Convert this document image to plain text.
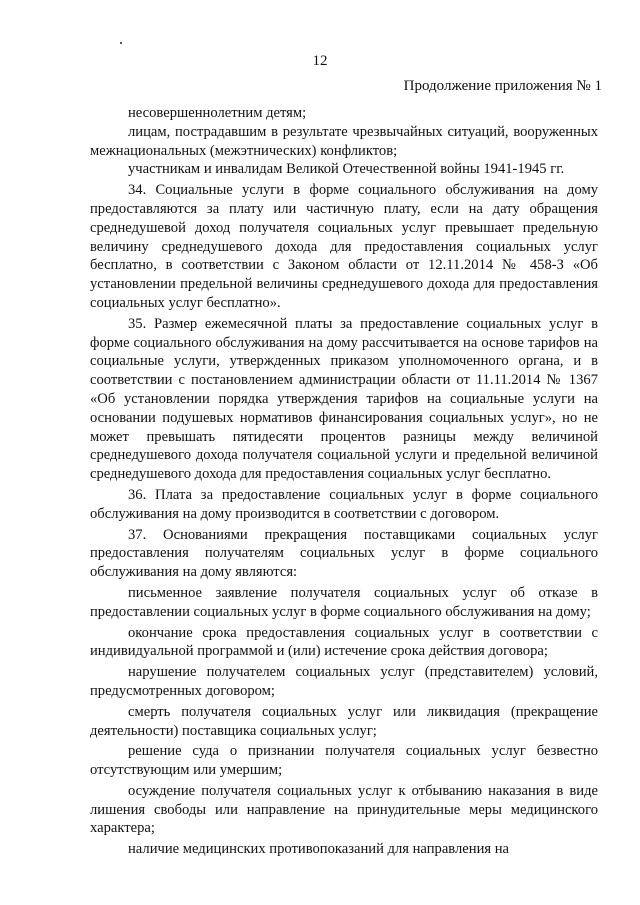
12
Продолжение приложения № 1

несовершеннолетним детям;

лицам, пострадавшим в результате чрезвычайных ситуаций, вооруженных межнациональных (межэтнических) конфликтов;

участникам и инвалидам Великой Отечественной войны 1941-1945 гг.

34. Социальные услуги в форме социального обслуживания на дому предоставляются за плату или частичную плату, если на дату обращения среднедушевой доход получателя социальных услуг превышает предельную величину среднедушевого дохода для предоставления социальных услуг бесплатно, в соответствии с Законом области от 12.11.2014 № 458-З «Об установлении предельной величины среднедушевого дохода для предоставления социальных услуг бесплатно».

35. Размер ежемесячной платы за предоставление социальных услуг в форме социального обслуживания на дому рассчитывается на основе тарифов на социальные услуги, утвержденных приказом уполномоченного органа, и в соответствии с постановлением администрации области от 11.11.2014 № 1367 «Об установлении порядка утверждения тарифов на социальные услуги на основании подушевых нормативов финансирования социальных услуг», но не может превышать пятидесяти процентов разницы между величиной среднедушевого дохода получателя социальной услуги и предельной величиной среднедушевого дохода для предоставления социальных услуг бесплатно.

36. Плата за предоставление социальных услуг в форме социального обслуживания на дому производится в соответствии с договором.

37. Основаниями прекращения поставщиками социальных услуг предоставления получателям социальных услуг в форме социального обслуживания на дому являются:

письменное заявление получателя социальных услуг об отказе в предоставлении социальных услуг в форме социального обслуживания на дому;

окончание срока предоставления социальных услуг в соответствии с индивидуальной программой и (или) истечение срока действия договора;

нарушение получателем социальных услуг (представителем) условий, предусмотренных договором;

смерть получателя социальных услуг или ликвидация (прекращение деятельности) поставщика социальных услуг;

решение суда о признании получателя социальных услуг безвестно отсутствующим или умершим;

осуждение получателя социальных услуг к отбыванию наказания в виде лишения свободы или направление на принудительные меры медицинского характера;

наличие медицинских противопоказаний для направления на
